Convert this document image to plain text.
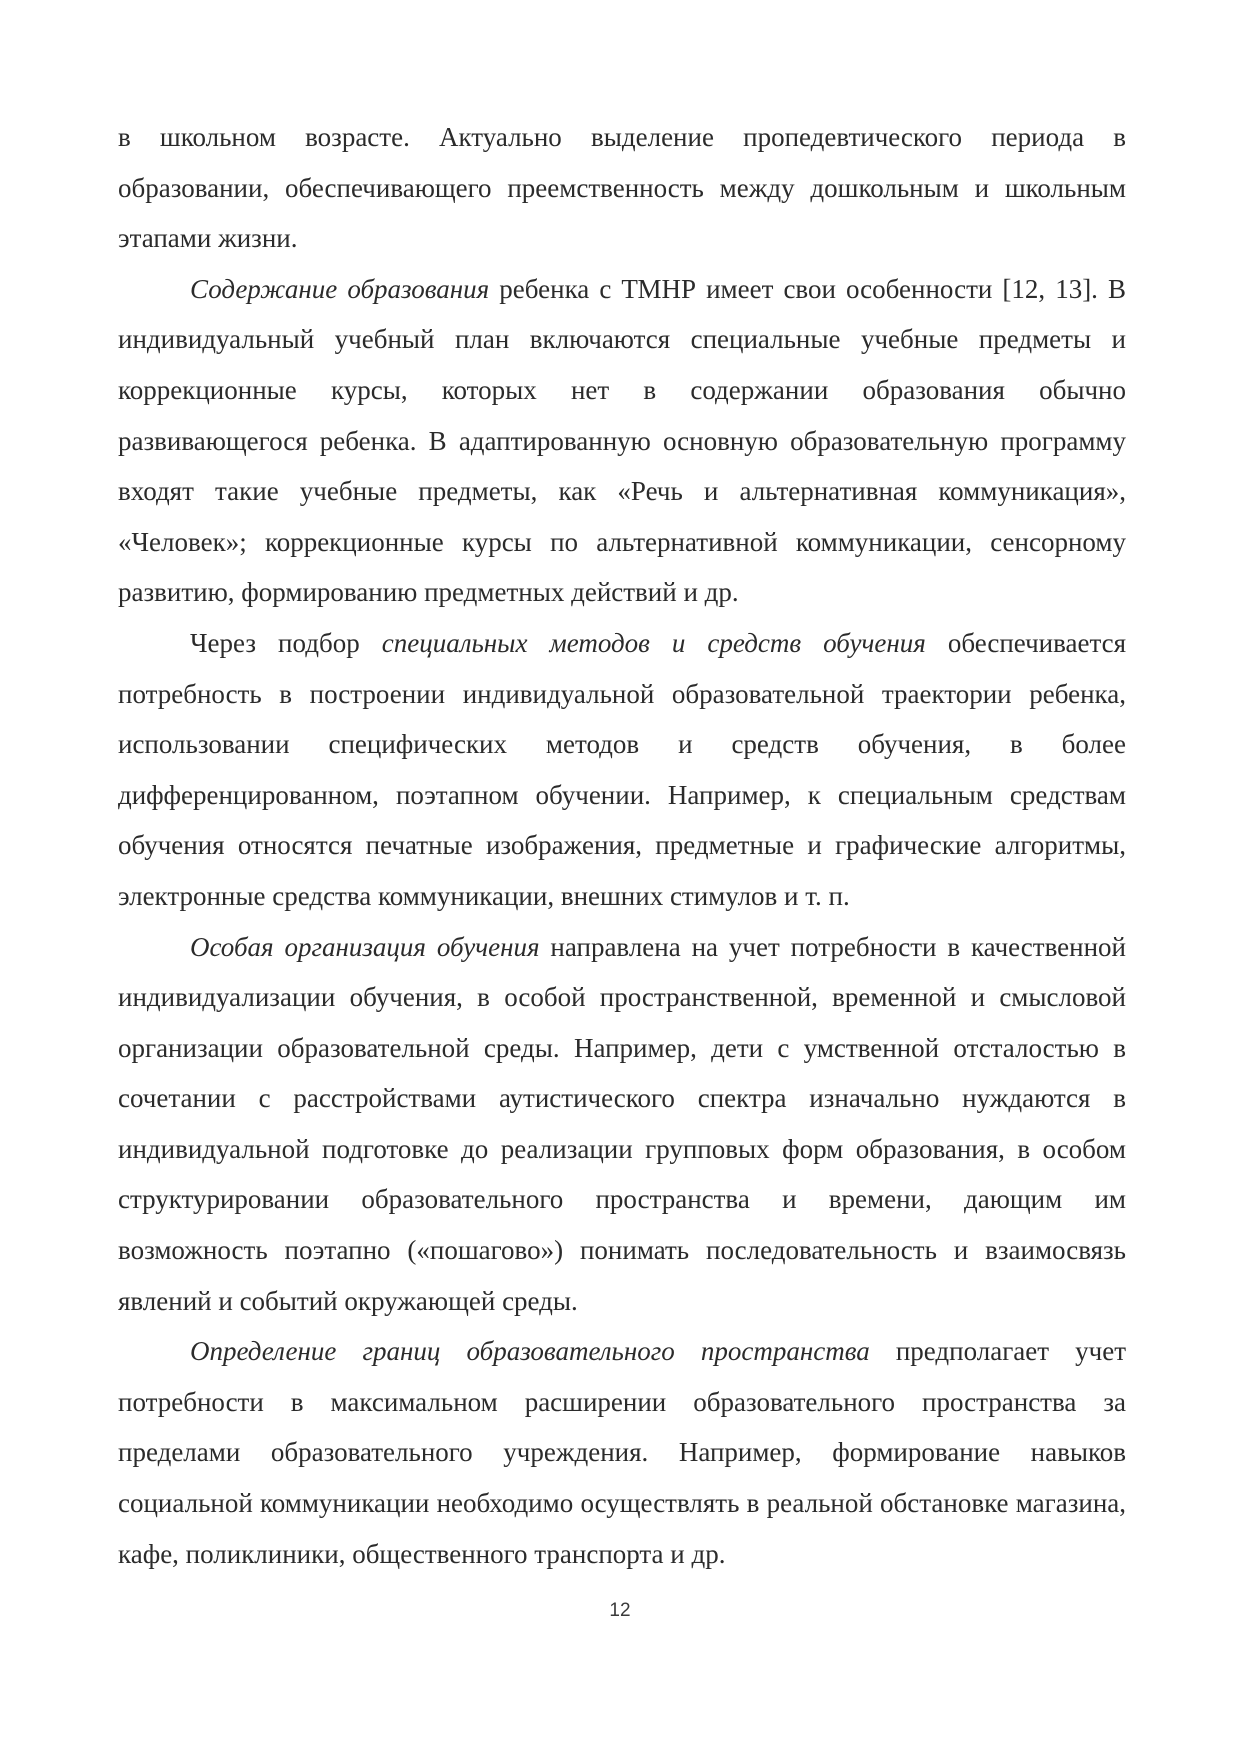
в школьном возрасте. Актуально выделение пропедевтического периода в образовании, обеспечивающего преемственность между дошкольным и школьным этапами жизни.

Содержание образования ребенка с ТМНР имеет свои особенности [12, 13]. В индивидуальный учебный план включаются специальные учебные предметы и коррекционные курсы, которых нет в содержании образования обычно развивающегося ребенка. В адаптированную основную образовательную программу входят такие учебные предметы, как «Речь и альтернативная коммуникация», «Человек»; коррекционные курсы по альтернативной коммуникации, сенсорному развитию, формированию предметных действий и др.

Через подбор специальных методов и средств обучения обеспечивается потребность в построении индивидуальной образовательной траектории ребенка, использовании специфических методов и средств обучения, в более дифференцированном, поэтапном обучении. Например, к специальным средствам обучения относятся печатные изображения, предметные и графические алгоритмы, электронные средства коммуникации, внешних стимулов и т. п.

Особая организация обучения направлена на учет потребности в качественной индивидуализации обучения, в особой пространственной, временной и смысловой организации образовательной среды. Например, дети с умственной отсталостью в сочетании с расстройствами аутистического спектра изначально нуждаются в индивидуальной подготовке до реализации групповых форм образования, в особом структурировании образовательного пространства и времени, дающим им возможность поэтапно («пошагово») понимать последовательность и взаимосвязь явлений и событий окружающей среды.

Определение границ образовательного пространства предполагает учет потребности в максимальном расширении образовательного пространства за пределами образовательного учреждения. Например, формирование навыков социальной коммуникации необходимо осуществлять в реальной обстановке магазина, кафе, поликлиники, общественного транспорта и др.

12
